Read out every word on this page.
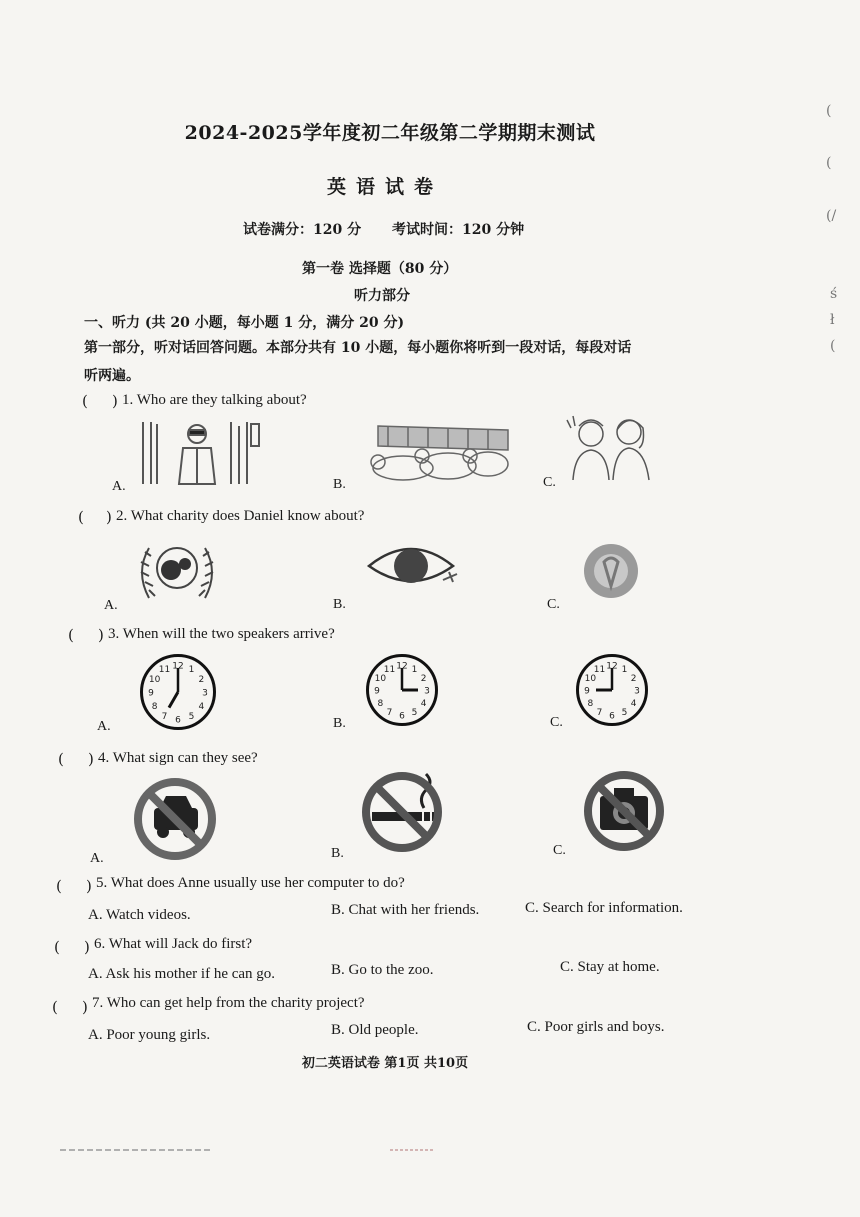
(
(
(/
ś
ł
(
2024-2025学年度初二年级第二学期期末测试
英语试卷
试卷满分：120 分 考试时间：120 分钟
第一卷 选择题（80 分）
听力部分
一、听力 (共 20 小题，每小题 1 分，满分 20 分)
第一部分，听对话回答问题。本部分共有 10 小题，每小题你将听到一段对话，每段对话
听两遍。
( ) 1. Who are they talking about?
A.	B.	C.
( ) 2. What charity does Daniel know about?
A.	B.	C.
( ) 3. When will the two speakers arrive?
A.	B.	C.
12 1
2
3
4
5
6
7
8
9
10
11	12 1
2
3
4
5
6
7
8
9
10
11	12 1
2
3
4
5
6
7
8
9
10
11
( ) 4. What sign can they see?
A.	B.	C.
( ) 5. What does Anne usually use her computer to do?
A. Watch videos.	B. Chat with her friends.	C. Search for information.
( ) 6. What will Jack do first?
A. Ask his mother if he can go.	B. Go to the zoo.	C. Stay at home.
( ) 7. Who can get help from the charity project?
A. Poor young girls.	B. Old people.	C. Poor girls and boys.
初二英语试卷 第1页 共10页
